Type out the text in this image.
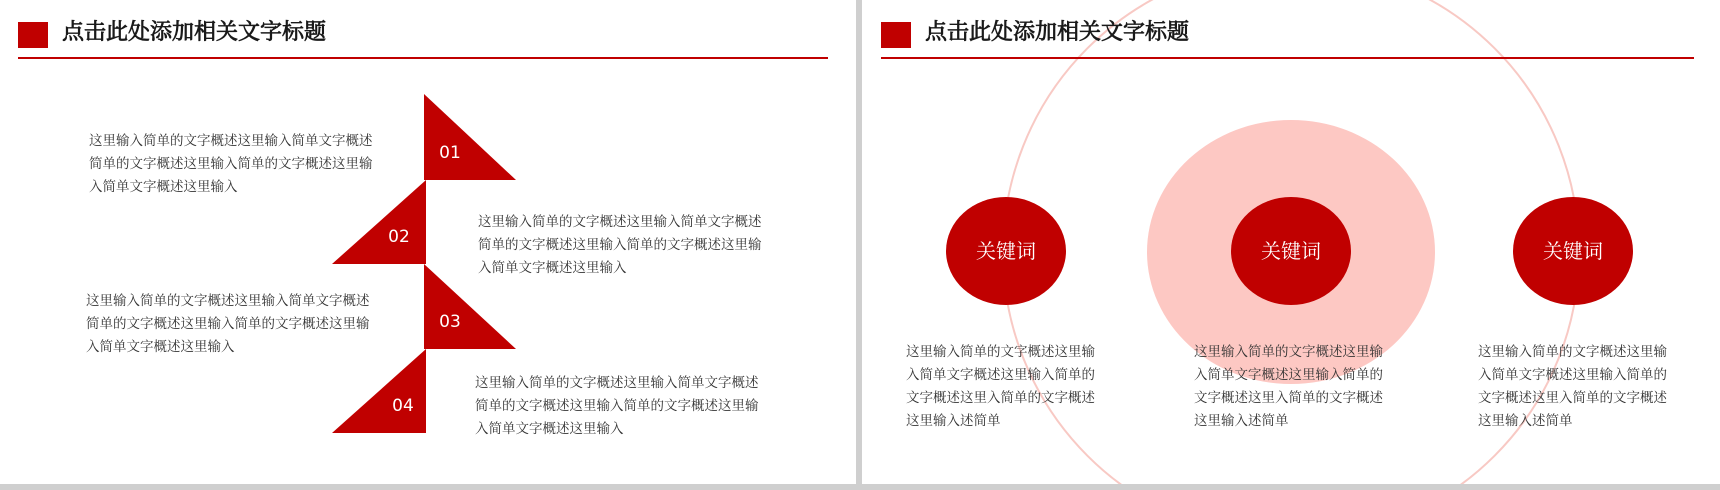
点击此处添加相关文字标题
01
02
03
04
这里输入简单的文字概述这里输入简单文字概述简单的文字概述这里输入简单的文字概述这里输入简单文字概述这里输入
这里输入简单的文字概述这里输入简单文字概述简单的文字概述这里输入简单的文字概述这里输入简单文字概述这里输入
这里输入简单的文字概述这里输入简单文字概述简单的文字概述这里输入简单的文字概述这里输入简单文字概述这里输入
这里输入简单的文字概述这里输入简单文字概述简单的文字概述这里输入简单的文字概述这里输入简单文字概述这里输入
关键词	关键词	关键词
点击此处添加相关文字标题
这里输入简单的文字概述这里输入简单文字概述这里输入简单的文字概述这里入简单的文字概述这里输入述简单
这里输入简单的文字概述这里输入简单文字概述这里输入简单的文字概述这里入简单的文字概述这里输入述简单
这里输入简单的文字概述这里输入简单文字概述这里输入简单的文字概述这里入简单的文字概述这里输入述简单
